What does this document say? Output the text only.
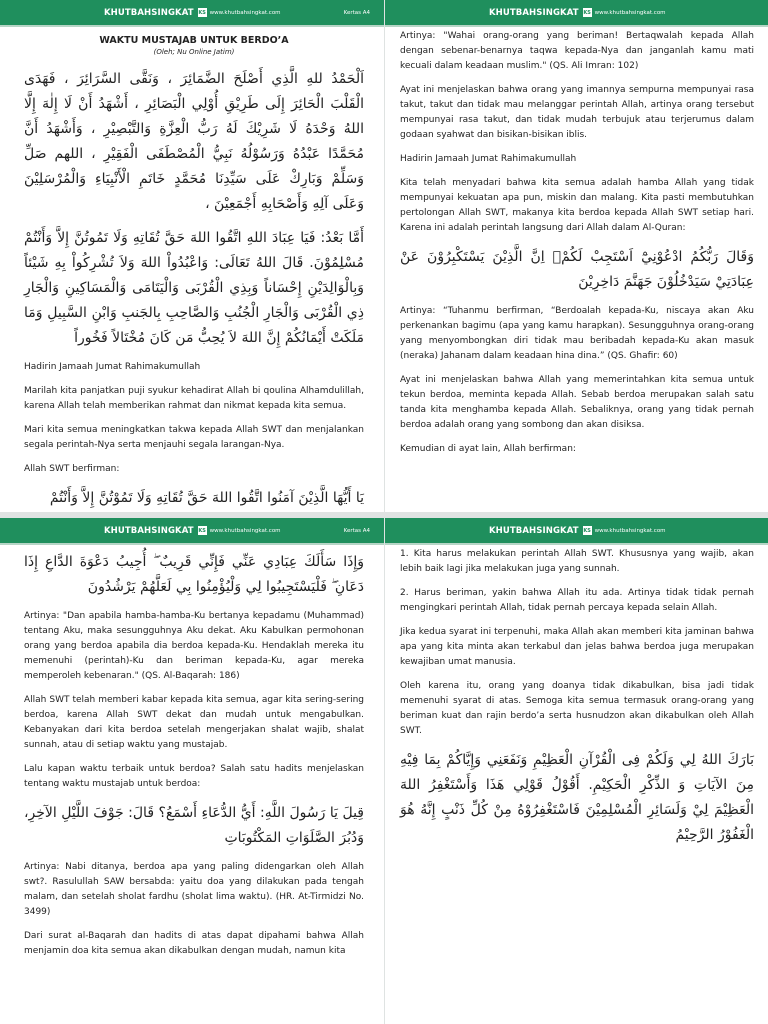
KHUTBAHSINGKAT KS www.khutbahsingkat.com	Kertas A4
WAKTU MUSTAJAB UNTUK BERDO’A
(Oleh; Nu Online Jatim)

اَلْحَمْدُ للهِ الَّذِي أَصْلَحَ الضَّمَائِرَ ، وَنَقَّى السَّرَائِرَ ، فَهَدَى الْقَلْبَ الْحَائِرَ إِلَى طَرِيْقِ أُوْلِي الْبَصَائِرِ ، أَشْهَدُ أَنْ لَا إِلٰهَ إِلَّا اللهُ وَحْدَهُ لَا شَرِيْكَ لَهُ رَبُّ الْعِزَّةِ وَالتَّبْصِيْرِ ، وَأَشْهَدُ أَنَّ مُحَمَّدًا عَبْدُهُ وَرَسُوْلُهُ نَبِيُّ الْمُصْطَفَى الْفَقِيْرِ ، اللهم صَلِّ وَسَلِّمْ وَبَارِكْ عَلَى سَيِّدِنَا مُحَمَّدٍ خَاتَمِ الْأَنْبِيَاءِ وَالْمُرْسَلِيْنَ وَعَلَى آلِهِ وَأَصْحَابِهِ أَجْمَعِيْنَ ،

أَمَّا بَعْدُ: فَيَا عِبَادَ اللهِ اتَّقُوا اللهَ حَقَّ تُقَاتِهِ وَلَا تَمُوتُنَّ إِلاَّ وَأَنْتُمْ مُسْلِمُوْنَ. قَالَ اللهُ تَعَالَى: وَاعْبُدُواْ اللهَ وَلاَ تُشْرِكُواْ بِهِ شَيْئاً وَبِالْوَالِدَيْنِ إِحْسَاناً وَبِذِي الْقُرْبَى وَالْيَتَامَى وَالْمَسَاكِينِ وَالْجَارِ ذِي الْقُرْبَى وَالْجَارِ الْجُنُبِ وَالصَّاحِبِ بِالجَنبِ وَابْنِ السَّبِيلِ وَمَا مَلَكَتْ أَيْمَانُكُمْ إِنَّ اللهَ لاَ يُحِبُّ مَن كَانَ مُخْتَالاً فَخُوراً

Hadirin Jamaah Jumat Rahimakumullah

Marilah kita panjatkan puji syukur kehadirat Allah bi qoulina Alhamdulillah, karena Allah telah memberikan rahmat dan nikmat kepada kita semua.

Mari kita semua meningkatkan takwa kepada Allah SWT dan menjalankan segala perintah-Nya serta menjauhi segala larangan-Nya.

Allah SWT berfirman:

يَا أَيُّهَا الَّذِيْنَ آمَنُوا اتَّقُوا اللهَ حَقَّ تُقَاتِهِ وَلَا تَمُوْتُنَّ إِلاَّ وَأَنْتُمْ

KHUTBAHSINGKAT KS www.khutbahsingkat.com

Artinya: "Wahai orang-orang yang beriman! Bertaqwalah kepada Allah dengan sebenar-benarnya taqwa kepada-Nya dan janganlah kamu mati kecuali dalam keadaan muslim." (QS. Ali Imran: 102)

Ayat ini menjelaskan bahwa orang yang imannya sempurna mempunyai rasa takut, takut dan tidak mau melanggar perintah Allah, artinya orang tersebut mempunyai rasa takut, dan tidak mudah terbujuk atau terjerumus dalam godaan syahwat dan bisikan-bisikan iblis.

Hadirin Jamaah Jumat Rahimakumullah

Kita telah menyadari bahwa kita semua adalah hamba Allah yang tidak mempunyai kekuatan apa pun, miskin dan malang. Kita pasti membutuhkan pertolongan Allah SWT, makanya kita berdoa kepada Allah SWT setiap hari. Karena ini adalah perintah langsung dari Allah dalam Al-Quran:

وَقَالَ رَبُّكُمُ ادْعُوْنِيْٓ اَسْتَجِبْ لَكُمْۗ اِنَّ الَّذِيْنَ يَسْتَكْبِرُوْنَ عَنْ عِبَادَتِيْ سَيَدْخُلُوْنَ جَهَنَّمَ دَاخِرِيْنَ

Artinya: “Tuhanmu berfirman, “Berdoalah kepada-Ku, niscaya akan Aku perkenankan bagimu (apa yang kamu harapkan). Sesungguhnya orang-orang yang menyombongkan diri tidak mau beribadah kepada-Ku akan masuk (neraka) Jahanam dalam keadaan hina dina.” (QS. Ghafir: 60)

Ayat ini menjelaskan bahwa Allah yang memerintahkan kita semua untuk tekun berdoa, meminta kepada Allah. Sebab berdoa merupakan salah satu tanda kita menghamba kepada Allah. Sebaliknya, orang yang tidak pernah berdoa adalah orang yang sombong dan akan disiksa.

Kemudian di ayat lain, Allah berfirman:

KHUTBAHSINGKAT KS www.khutbahsingkat.com	Kertas A4

وَإِذَا سَأَلَكَ عِبَادِي عَنِّي فَإِنِّي قَرِيبٌ ۖ أُجِيبُ دَعْوَةَ الدَّاعِ إِذَا دَعَانِ ۖ فَلْيَسْتَجِيبُوا لِي وَلْيُؤْمِنُوا بِي لَعَلَّهُمْ يَرْشُدُونَ

Artinya: "Dan apabila hamba-hamba-Ku bertanya kepadamu (Muhammad) tentang Aku, maka sesungguhnya Aku dekat. Aku Kabulkan permohonan orang yang berdoa apabila dia berdoa kepada-Ku. Hendaklah mereka itu memenuhi (perintah)-Ku dan beriman kepada-Ku, agar mereka memperoleh kebenaran." (QS. Al-Baqarah: 186)

Allah SWT telah memberi kabar kepada kita semua, agar kita sering-sering berdoa, karena Allah SWT dekat dan mudah untuk mengabulkan. Kebanyakan dari kita berdoa setelah mengerjakan shalat wajib, shalat sunnah, atau di setiap waktu yang mustajab.

Lalu kapan waktu terbaik untuk berdoa? Salah satu hadits menjelaskan tentang waktu mustajab untuk berdoa:

قِيلَ يَا رَسُولَ اللَّهِ: أَيُّ الدُّعَاءِ أَسْمَعُ؟ قَالَ: جَوْفَ اللَّيْلِ الآخِرِ، وَدُبُرَ الصَّلَوَاتِ المَكْتُوبَاتِ

Artinya: Nabi ditanya, berdoa apa yang paling didengarkan oleh Allah swt?. Rasulullah SAW bersabda: yaitu doa yang dilakukan pada tengah malam, dan setelah sholat fardhu (sholat lima waktu). (HR. At-Tirmidzi No. 3499)

Dari surat al-Baqarah dan hadits di atas dapat dipahami bahwa Allah menjamin doa kita semua akan dikabulkan dengan mudah, namun kita

KHUTBAHSINGKAT KS www.khutbahsingkat.com

1. Kita harus melakukan perintah Allah SWT. Khususnya yang wajib, akan lebih baik lagi jika melakukan juga yang sunnah.

2. Harus beriman, yakin bahwa Allah itu ada. Artinya tidak tidak pernah mengingkari perintah Allah, tidak pernah percaya kepada selain Allah.

Jika kedua syarat ini terpenuhi, maka Allah akan memberi kita jaminan bahwa apa yang kita minta akan terkabul dan jelas bahwa berdoa juga merupakan kewajiban umat manusia.

Oleh karena itu, orang yang doanya tidak dikabulkan, bisa jadi tidak memenuhi syarat di atas. Semoga kita semua termasuk orang-orang yang beriman kuat dan rajin berdo’a serta husnudzon akan dikabulkan oleh Allah SWT.

بَارَكَ اللهُ لِي وَلَكُمْ فِى الْقُرْآنِ الْعَظِيْمِ وَنَفَعَنِي وَإِيَّاكُمْ بِمَا فِيْهِ مِنَ الآيَاتِ وَ الذِّكْرِ الْحَكِيْمِ. أَقُوْلُ قَوْلِي هَذَا وَأَسْتَغْفِرُ اللهَ الْعَظِيْمَ لِيْ وَلَسَائِرِ الْمُسْلِمِيْنَ فَاسْتَغْفِرُوْهُ مِنْ كُلِّ ذَنْبٍ إِنَّهُ هُوَ الْغَفُوْرُ الرَّحِيْمُ
